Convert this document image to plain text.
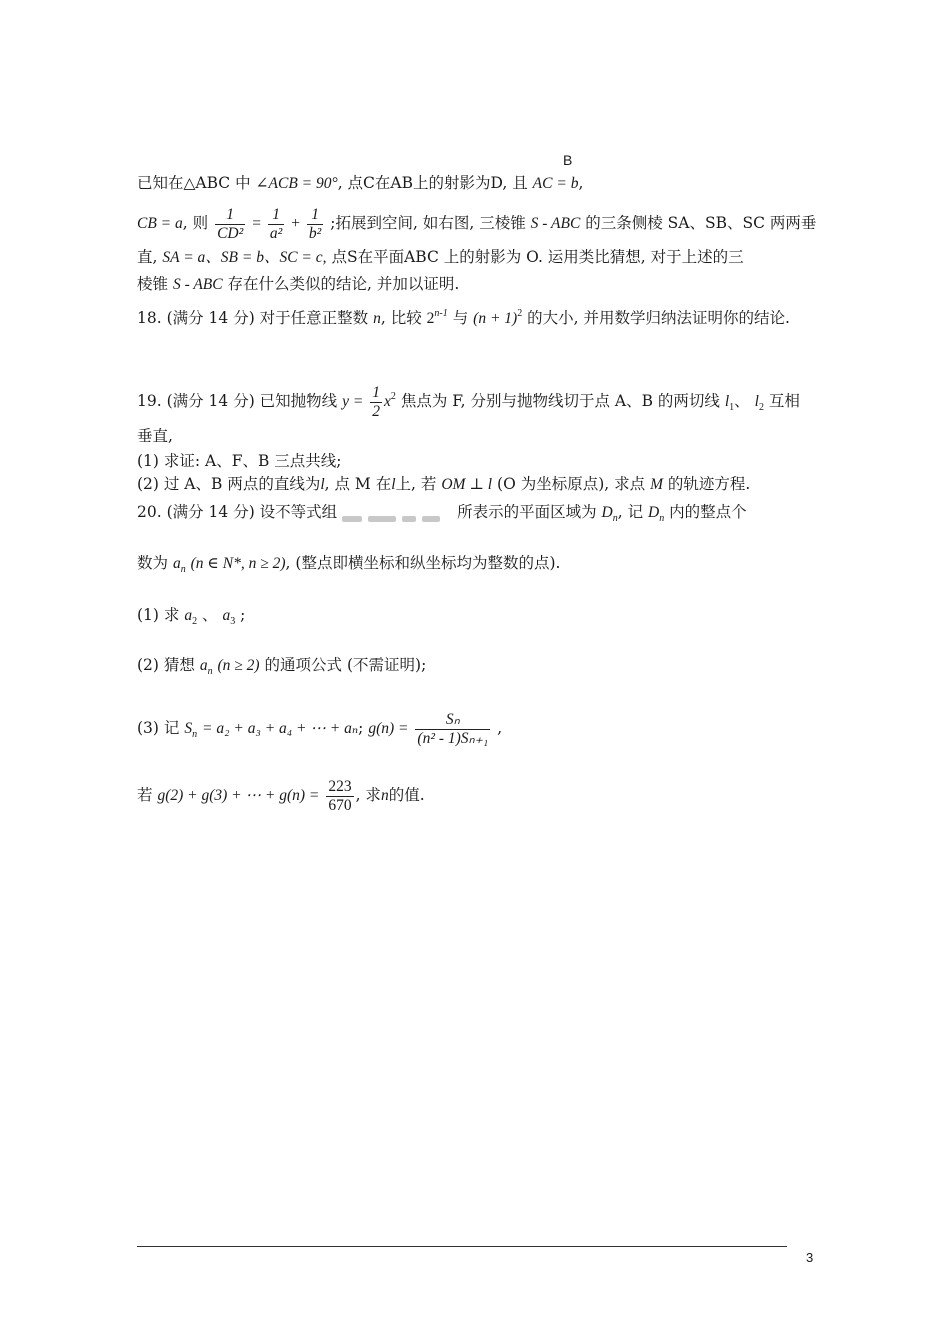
B
已知在△ABC 中 ∠ACB = 90°, 点C在AB上的射影为D, 且 AC = b,
CB = a, 则 $\frac{1}{\text{CD²}} = \frac{1}{\text{a²}} + \frac{1}{\text{b²}}$ ;拓展到空间, 如右图, 三棱锥 S - ABC 的三条侧棱 SA、SB、SC 两两垂
直, SA = a、SB = b、SC = c, 点S在平面ABC 上的射影为 O. 运用类比猜想, 对于上述的三
棱锥 S - ABC 存在什么类似的结论, 并加以证明.
18. (满分 14 分) 对于任意正整数 n, 比较 2$^{n-1}$ 与 $(n + 1)^2$ 的大小, 并用数学归纳法证明你的结论.
19. (满分 14 分) 已知抛物线 $y = \frac{1}{2} x^2$ 焦点为 F, 分别与抛物线切于点 A、B 的两切线 $l_1$、 $l_2$ 互相
垂直,
(1) 求证: A、F、B 三点共线;
(2) 过 A、B 两点的直线为l, 点 M 在l上, 若 OM ⊥ l (O 为坐标原点), 求点 M 的轨迹方程.
20. (满分 14 分) 设不等式组	所表示的平面区域为 $D_n$, 记 $D_n$ 内的整点个
数为 $a_n$ (n ∈ N*, n ≥ 2), (整点即横坐标和纵坐标均为整数的点).
(1) 求 $a_2$ 、 $a_3$ ;
(2) 猜想 $a_n$ (n ≥ 2) 的通项公式 (不需证明);
(3) 记 $S_n = a_2 + a_3 + a_4$ + ⋯ + aₙ; $g(n) = \frac{\text{Sₙ}}{\text{(n² - 1)Sₙ₊₁}}$ ,
若 g(2) + g(3) + ⋯ + $g(n) = \frac{223}{670}$ , 求n的值.
3
